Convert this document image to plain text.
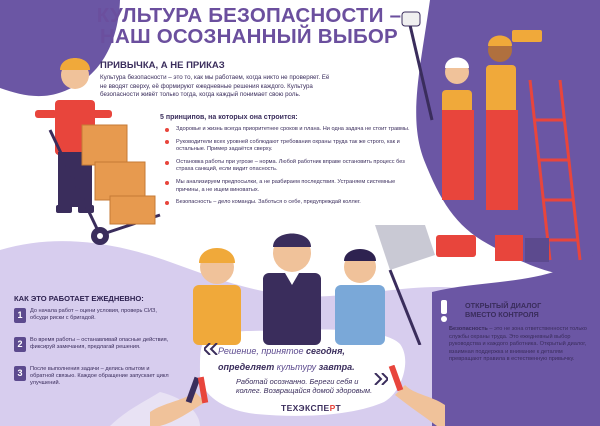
КУЛЬТУРА БЕЗОПАСНОСТИ –
НАШ ОСОЗНАННЫЙ ВЫБОР
ПРИВЫЧКА, А НЕ ПРИКАЗ
Культура безопасности – это то, как мы работаем, когда никто не проверяет. Её не вводят сверху, её формируют ежедневные решения каждого. Культура безопасности живёт только тогда, когда каждый понимает свою роль.
5 принципов, на которых она строится:
Здоровье и жизнь всегда приоритетнее сроков и плана. Ни одна задача не стоит травмы.
Руководители всех уровней соблюдают требования охраны труда так же строго, как и остальные. Пример задаётся сверху.
Остановка работы при угрозе – норма. Любой работник вправе остановить процесс без страха санкций, если видит опасность.
Мы анализируем предпосылки, а не разбираем последствия. Устраняем системные причины, а не ищем виноватых.
Безопасность – дело команды. Заботься о себе, предупреждай коллег.
КАК ЭТО РАБОТАЕТ ЕЖЕДНЕВНО:
1	До начала работ – оцени условия, проверь СИЗ, обсуди риски с бригадой.
2	Во время работы – останавливай опасные действия, фиксируй замечания, предлагай решения.
3	После выполнения задачи – делись опытом и обратной связью. Каждое обращение запускает цикл улучшений.
ОТКРЫТЫЙ ДИАЛОГ
ВМЕСТО КОНТРОЛЯ
Безопасность – это не зона ответственности только службы охраны труда. Это ежедневный выбор руководства и каждого работника. Открытый диалог, взаимная поддержка и внимание к деталям превращают правила в естественную привычку.
Решение, принятое сегодня,
определяет культуру завтра.
Работай осознанно. Береги себя и коллег. Возвращайся домой здоровым.
ТЕХЭКСПЕРТ
